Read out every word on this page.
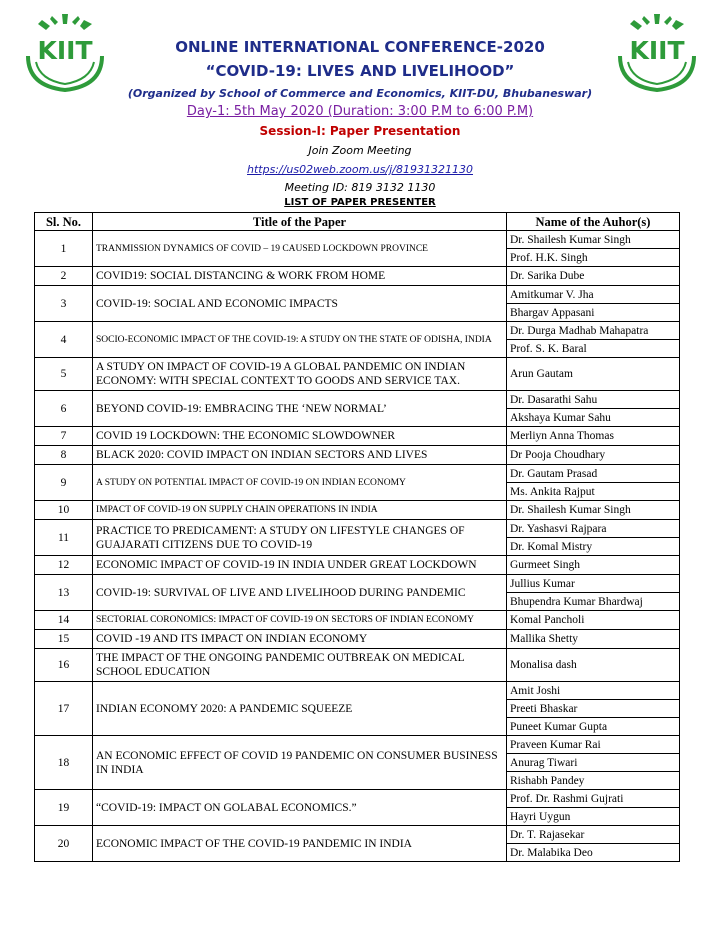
KIIT	KIIT
ONLINE INTERNATIONAL CONFERENCE-2020
“COVID-19: LIVES AND LIVELIHOOD”
(Organized by School of Commerce and Economics, KIIT-DU, Bhubaneswar)
Day-1: 5th May 2020 (Duration: 3:00 P.M to 6:00 P.M)
Session-I: Paper Presentation
Join Zoom Meeting
https://us02web.zoom.us/j/81931321130
Meeting ID: 819 3132 1130
LIST OF PAPER PRESENTER
Sl. No.	Title of the Paper	Name of the Auhor(s)
1	TRANMISSION DYNAMICS OF COVID – 19 CAUSED LOCKDOWN PROVINCE	Dr. Shailesh Kumar Singh
		Prof. H.K. Singh
2	COVID19: SOCIAL DISTANCING & WORK FROM HOME	Dr. Sarika Dube
3	COVID-19: SOCIAL AND ECONOMIC IMPACTS	Amitkumar V. Jha
		Bhargav Appasani
4	SOCIO-ECONOMIC IMPACT OF THE COVID-19: A STUDY ON THE STATE OF ODISHA, INDIA	Dr. Durga Madhab Mahapatra
		Prof. S. K. Baral
5	A STUDY ON IMPACT OF COVID-19 A GLOBAL PANDEMIC ON INDIAN ECONOMY: WITH SPECIAL CONTEXT TO GOODS AND SERVICE TAX.	Arun Gautam
6	BEYOND COVID-19: EMBRACING THE ‘NEW NORMAL’	Dr. Dasarathi Sahu
		Akshaya Kumar Sahu
7	COVID 19 LOCKDOWN: THE ECONOMIC SLOWDOWNER	Merliyn Anna Thomas
8	BLACK 2020: COVID IMPACT ON INDIAN SECTORS AND LIVES	Dr Pooja Choudhary
9	A STUDY ON POTENTIAL IMPACT OF COVID-19 ON INDIAN ECONOMY	Dr. Gautam Prasad
		Ms. Ankita Rajput
10	IMPACT OF COVID-19 ON SUPPLY CHAIN OPERATIONS IN INDIA	Dr. Shailesh Kumar Singh
11	PRACTICE TO PREDICAMENT: A STUDY ON LIFESTYLE CHANGES OF GUAJARATI CITIZENS DUE TO COVID-19	Dr. Yashasvi Rajpara
		Dr. Komal Mistry
12	ECONOMIC IMPACT OF COVID-19 IN INDIA UNDER GREAT LOCKDOWN	Gurmeet Singh
13	COVID-19: SURVIVAL OF LIVE AND LIVELIHOOD DURING PANDEMIC	Jullius Kumar
		Bhupendra Kumar Bhardwaj
14	SECTORIAL CORONOMICS: IMPACT OF COVID-19 ON SECTORS OF INDIAN ECONOMY	Komal Pancholi
15	COVID -19 AND ITS IMPACT ON INDIAN ECONOMY	Mallika Shetty
16	THE IMPACT OF THE ONGOING PANDEMIC OUTBREAK ON MEDICAL SCHOOL EDUCATION	Monalisa dash
17	INDIAN ECONOMY 2020: A PANDEMIC SQUEEZE	Amit Joshi
		Preeti Bhaskar
		Puneet Kumar Gupta
18	AN ECONOMIC EFFECT OF COVID 19 PANDEMIC ON CONSUMER BUSINESS IN INDIA	Praveen Kumar Rai
		Anurag Tiwari
		Rishabh Pandey
19	“COVID-19: IMPACT ON GOLABAL ECONOMICS.”	Prof. Dr. Rashmi Gujrati
		Hayri Uygun
20	ECONOMIC IMPACT OF THE COVID-19 PANDEMIC IN INDIA	Dr. T. Rajasekar
		Dr. Malabika Deo
